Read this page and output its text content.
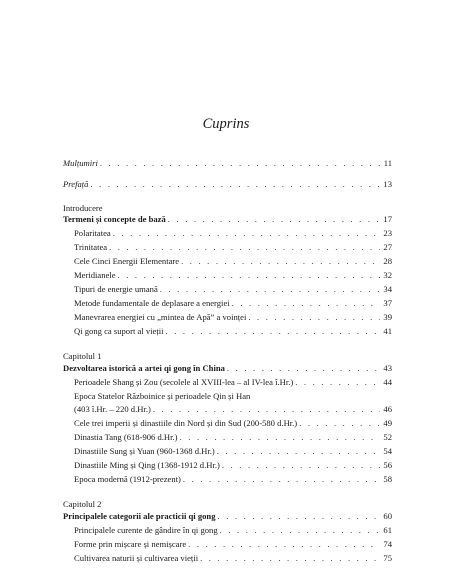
Cuprins
Mulțumiri . . .	11
Prefață . . .	13
Introducere
Termeni și concepte de bază . . .	17
Polaritatea . . .	23
Trinitatea . . .	27
Cele Cinci Energii Elementare . . .	28
Meridianele . . .	32
Tipuri de energie umană . . .	34
Metode fundamentale de deplasare a energiei . . .	37
Manevrarea energiei cu „mintea de Apă” a voinței . . .	39
Qi gong ca suport al vieții . . .	41
Capitolul 1
Dezvoltarea istorică a artei qi gong în China . . .	43
Perioadele Shang și Zou (secolele al XVIII-lea – al IV-lea î.Hr.) . . .	44
Epoca Statelor Războinice și perioadele Qin și Han
(403 î.Hr. – 220 d.Hr.) . . .	46
Cele trei imperii și dinastiile din Nord și din Sud (200-580 d.Hr.) . . .	49
Dinastia Tang (618-906 d.Hr.) . . .	52
Dinastiile Sung și Yuan (960-1368 d.Hr.) . . .	54
Dinastiile Ming și Qing (1368-1912 d.Hr.) . . .	56
Epoca modernă (1912-prezent) . . .	58
Capitolul 2
Principalele categorii ale practicii qi gong . . .	60
Principalele curente de gândire în qi gong . . .	61
Forme prin mișcare și nemișcare . . .	74
Cultivarea naturii și cultivarea vieții . . .	75
